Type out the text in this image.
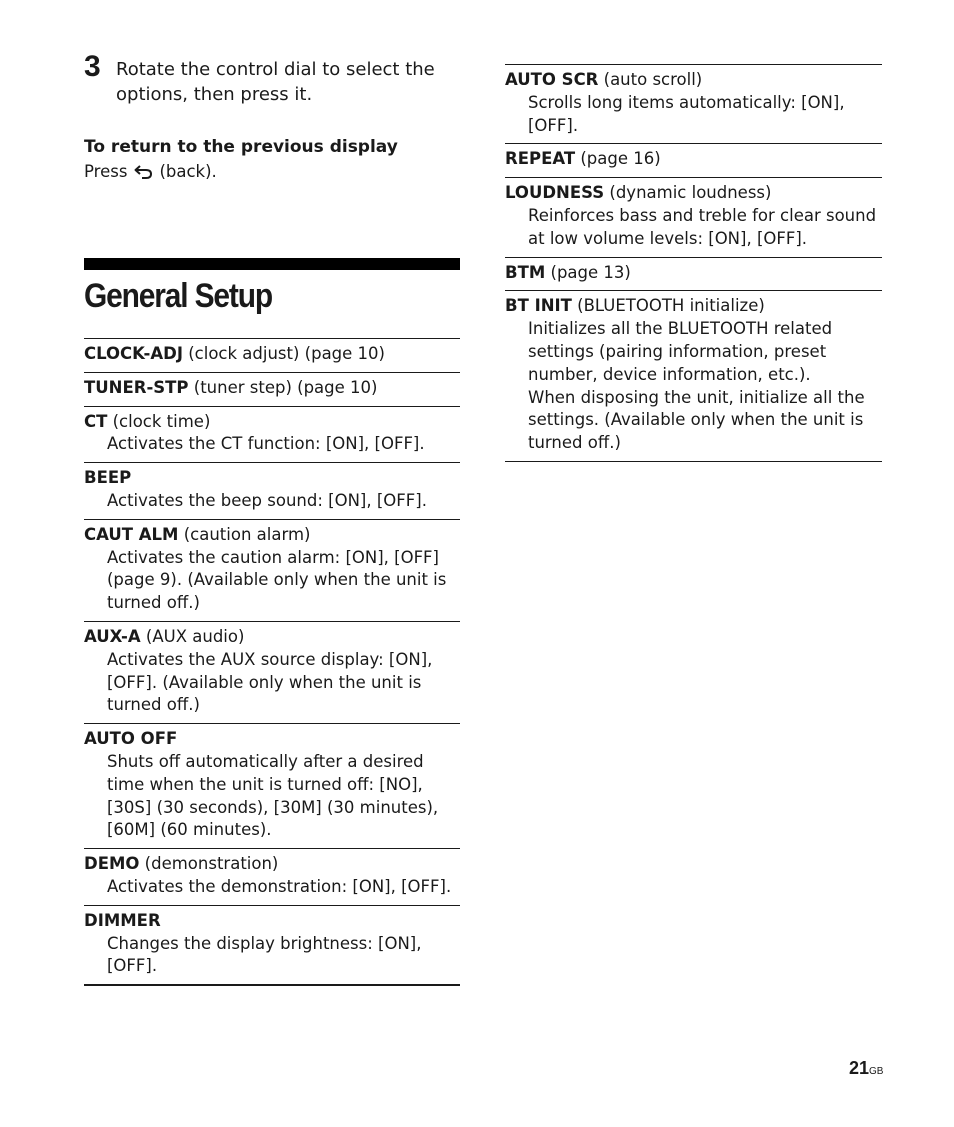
3 Rotate the control dial to select the options, then press it.
To return to the previous display
Press (back).
General Setup
CLOCK-ADJ (clock adjust) (page 10)
TUNER-STP (tuner step) (page 10)
CT (clock time)
Activates the CT function: [ON], [OFF].
BEEP
Activates the beep sound: [ON], [OFF].
CAUT ALM (caution alarm)
Activates the caution alarm: [ON], [OFF] (page 9). (Available only when the unit is turned off.)
AUX-A (AUX audio)
Activates the AUX source display: [ON], [OFF]. (Available only when the unit is turned off.)
AUTO OFF
Shuts off automatically after a desired time when the unit is turned off: [NO], [30S] (30 seconds), [30M] (30 minutes), [60M] (60 minutes).
DEMO (demonstration)
Activates the demonstration: [ON], [OFF].
DIMMER
Changes the display brightness: [ON], [OFF].
AUTO SCR (auto scroll)
Scrolls long items automatically: [ON], [OFF].
REPEAT (page 16)
LOUDNESS (dynamic loudness)
Reinforces bass and treble for clear sound at low volume levels: [ON], [OFF].
BTM (page 13)
BT INIT (BLUETOOTH initialize)
Initializes all the BLUETOOTH related settings (pairing information, preset number, device information, etc.).
When disposing the unit, initialize all the settings. (Available only when the unit is turned off.)
21GB
